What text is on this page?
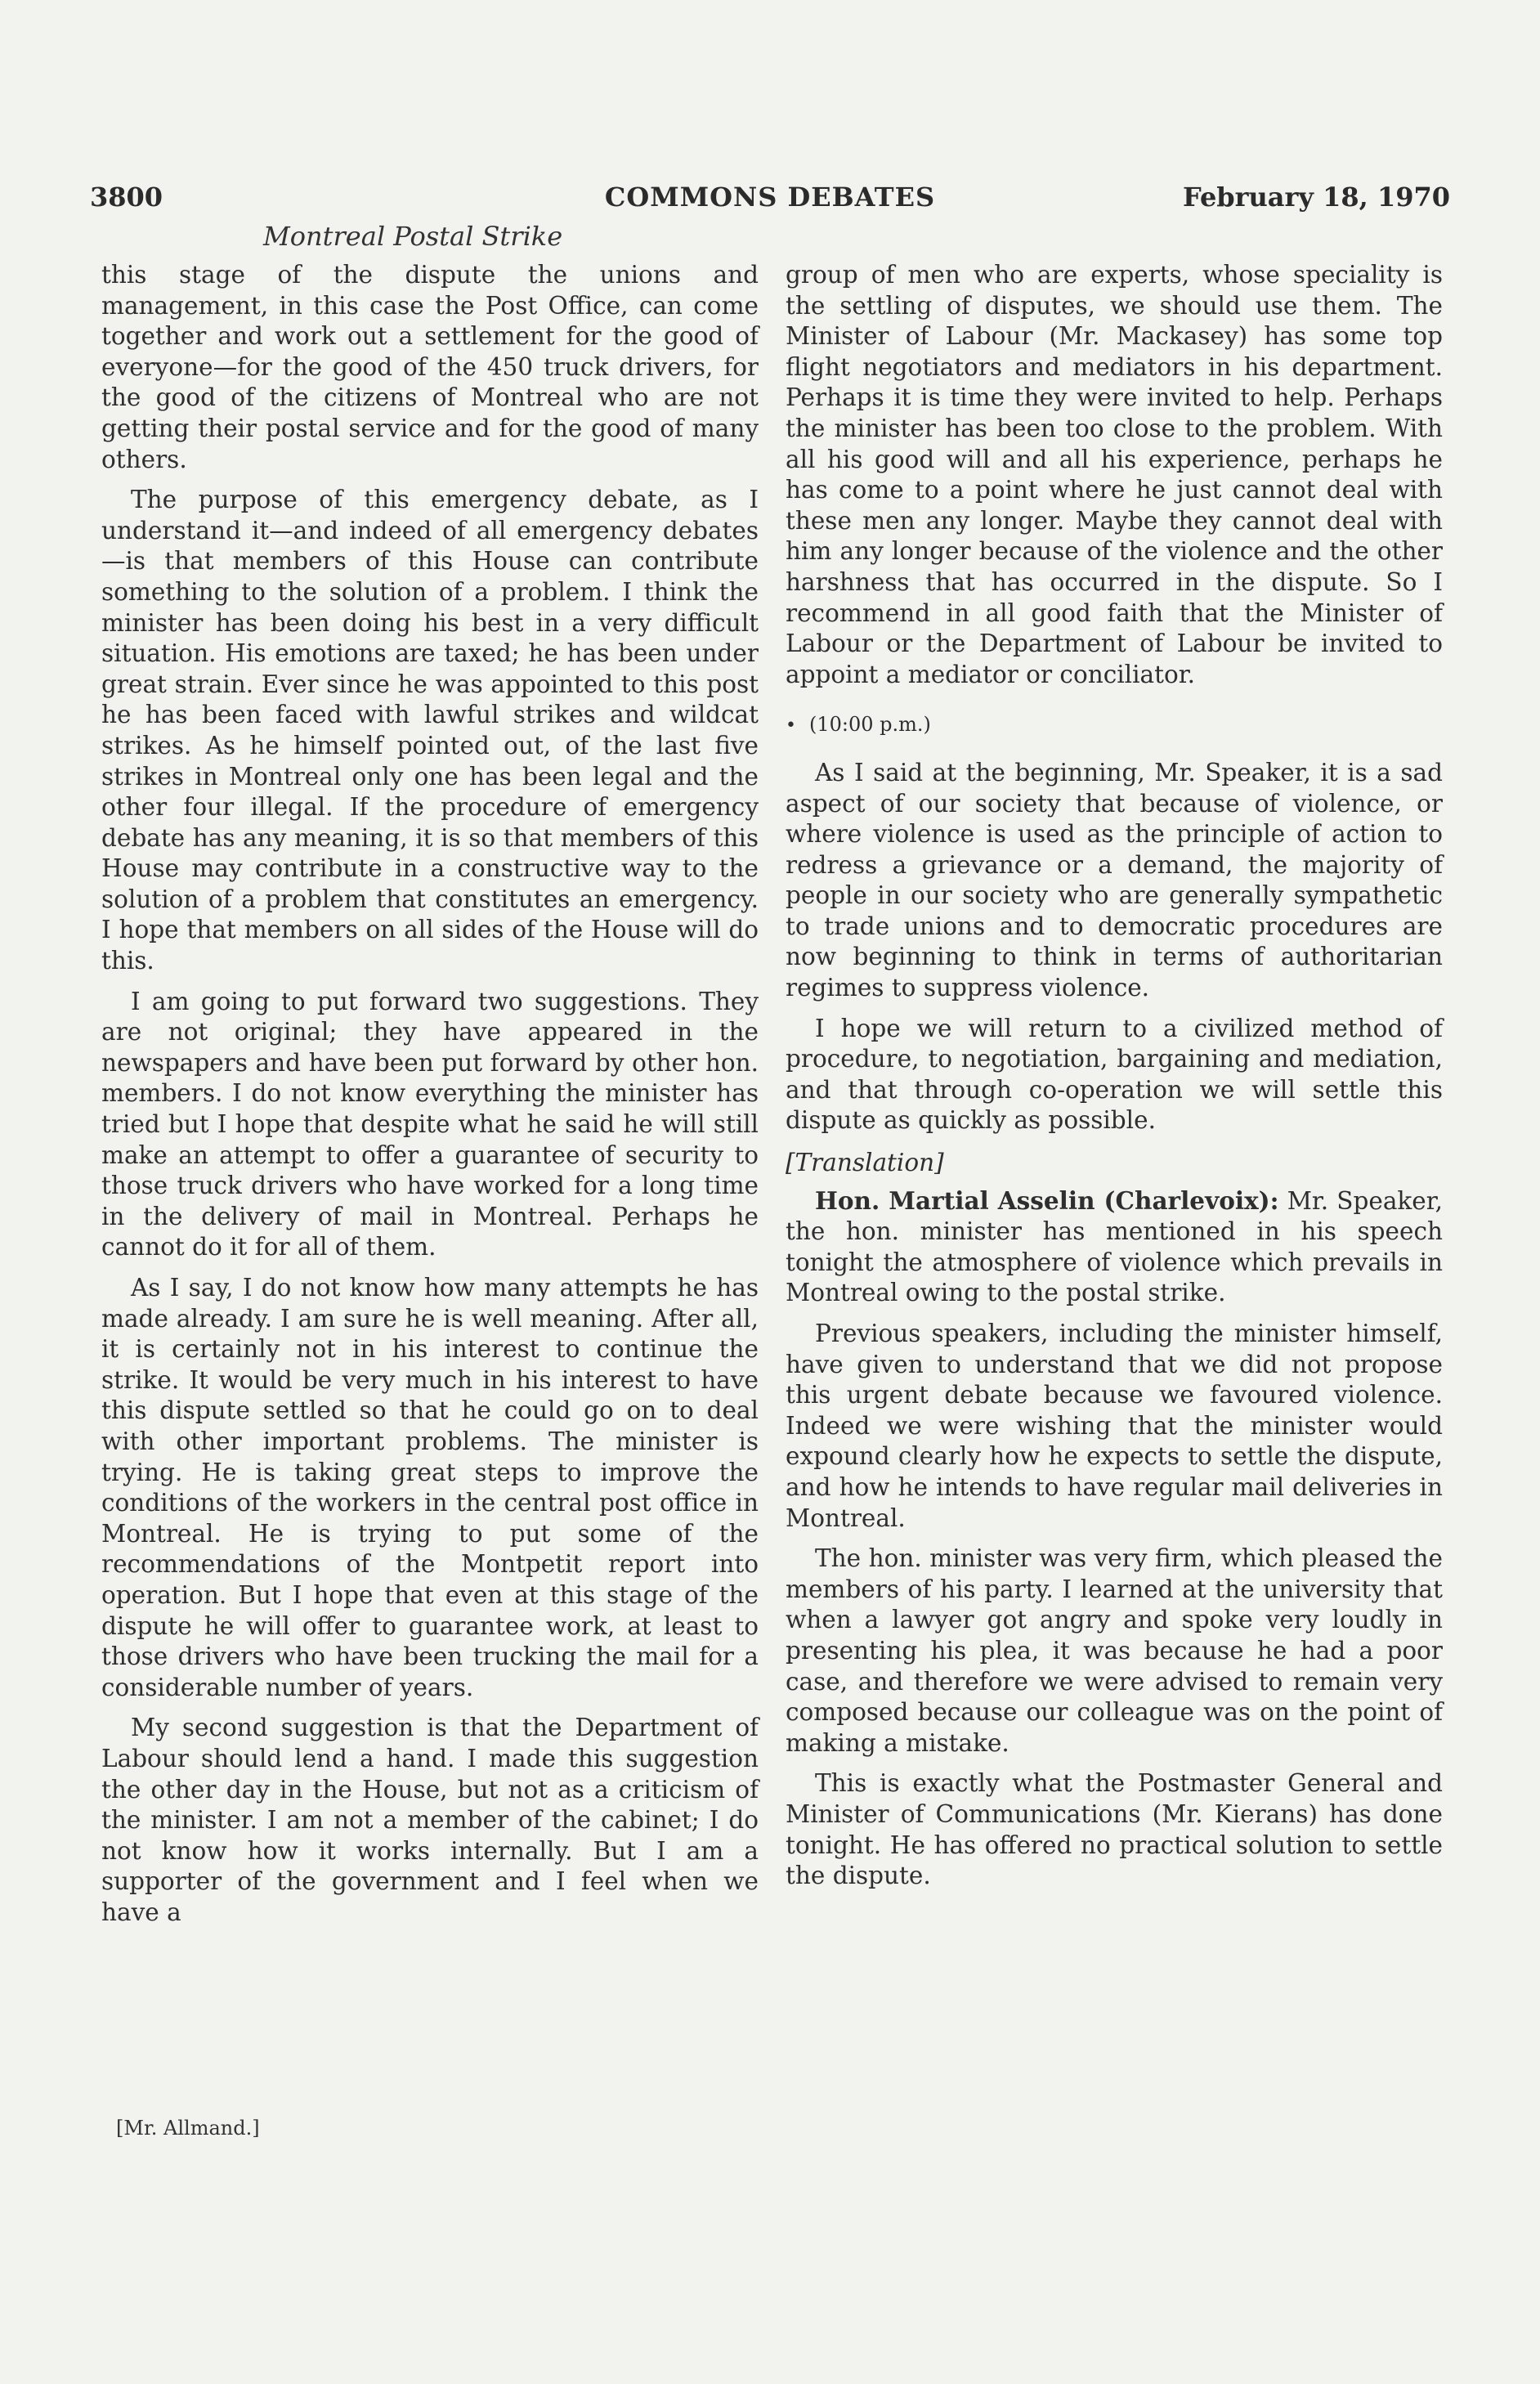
3800	COMMONS DEBATES	February 18, 1970
Montreal Postal Strike

this stage of the dispute the unions and management, in this case the Post Office, can come together and work out a settlement for the good of everyone—for the good of the 450 truck drivers, for the good of the citizens of Montreal who are not getting their postal service and for the good of many others.

The purpose of this emergency debate, as I understand it—and indeed of all emergency debates—is that members of this House can contribute something to the solution of a problem. I think the minister has been doing his best in a very difficult situation. His emotions are taxed; he has been under great strain. Ever since he was appointed to this post he has been faced with lawful strikes and wildcat strikes. As he himself pointed out, of the last five strikes in Montreal only one has been legal and the other four illegal. If the procedure of emergency debate has any meaning, it is so that members of this House may contribute in a constructive way to the solution of a problem that constitutes an emergency. I hope that members on all sides of the House will do this.

I am going to put forward two suggestions. They are not original; they have appeared in the newspapers and have been put forward by other hon. members. I do not know everything the minister has tried but I hope that despite what he said he will still make an attempt to offer a guarantee of security to those truck drivers who have worked for a long time in the delivery of mail in Montreal. Perhaps he cannot do it for all of them.

As I say, I do not know how many attempts he has made already. I am sure he is well meaning. After all, it is certainly not in his interest to continue the strike. It would be very much in his interest to have this dispute settled so that he could go on to deal with other important problems. The minister is trying. He is taking great steps to improve the conditions of the workers in the central post office in Montreal. He is trying to put some of the recommendations of the Montpetit report into operation. But I hope that even at this stage of the dispute he will offer to guarantee work, at least to those drivers who have been trucking the mail for a considerable number of years.

My second suggestion is that the Department of Labour should lend a hand. I made this suggestion the other day in the House, but not as a criticism of the minister. I am not a member of the cabinet; I do not know how it works internally. But I am a supporter of the government and I feel when we have a

[Mr. Allmand.]

group of men who are experts, whose speciality is the settling of disputes, we should use them. The Minister of Labour (Mr. Mackasey) has some top flight negotiators and mediators in his department. Perhaps it is time they were invited to help. Perhaps the minister has been too close to the problem. With all his good will and all his experience, perhaps he has come to a point where he just cannot deal with these men any longer. Maybe they cannot deal with him any longer because of the violence and the other harshness that has occurred in the dispute. So I recommend in all good faith that the Minister of Labour or the Department of Labour be invited to appoint a mediator or conciliator.

• (10:00 p.m.)

As I said at the beginning, Mr. Speaker, it is a sad aspect of our society that because of violence, or where violence is used as the principle of action to redress a grievance or a demand, the majority of people in our society who are generally sympathetic to trade unions and to democratic procedures are now beginning to think in terms of authoritarian regimes to suppress violence.

I hope we will return to a civilized method of procedure, to negotiation, bargaining and mediation, and that through co-operation we will settle this dispute as quickly as possible.

[Translation]

Hon. Martial Asselin (Charlevoix): Mr. Speaker, the hon. minister has mentioned in his speech tonight the atmosphere of violence which prevails in Montreal owing to the postal strike.

Previous speakers, including the minister himself, have given to understand that we did not propose this urgent debate because we favoured violence. Indeed we were wishing that the minister would expound clearly how he expects to settle the dispute, and how he intends to have regular mail deliveries in Montreal.

The hon. minister was very firm, which pleased the members of his party. I learned at the university that when a lawyer got angry and spoke very loudly in presenting his plea, it was because he had a poor case, and therefore we were advised to remain very composed because our colleague was on the point of making a mistake.

This is exactly what the Postmaster General and Minister of Communications (Mr. Kierans) has done tonight. He has offered no practical solution to settle the dispute.
